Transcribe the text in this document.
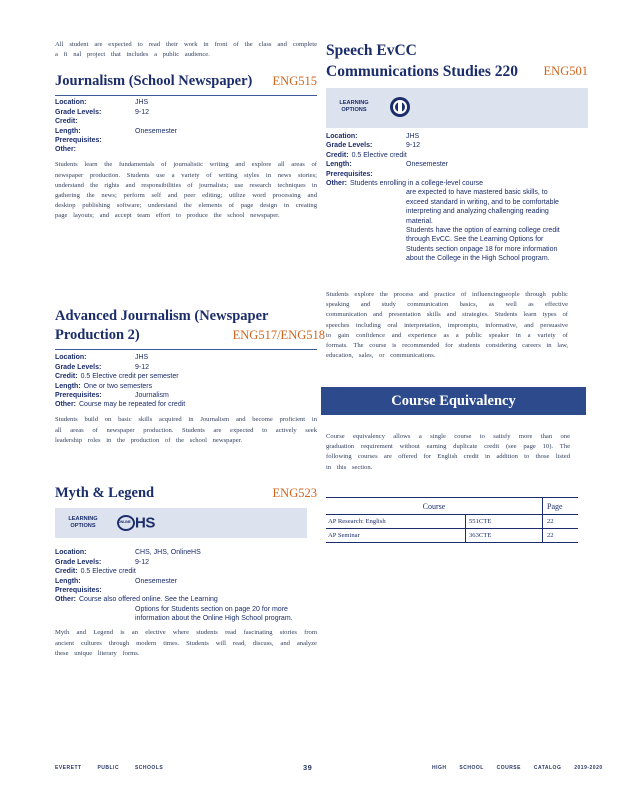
All student are expected to read their work in front of the class and complete a fi nal project that includes a public audience.

Journalism (School Newspaper) ENG515
Location:	JHS
Grade Levels:	9-12
Credit:
Length:	Onesemester
Prerequisites:
Other:

Students learn the fundamentals of journalistic writing and explore all areas of newspaper production. Students use a variety of writing styles in news stories; understand the rights and responsibilities of journalists; use research techniques in gathering the news; perform self and peer editing; utilize word processing and desktop publishing software; understand the elements of page design in creating page layouts; and accept team effort to produce the school newspaper.

Advanced Journalism (Newspaper
Production 2)	ENG517/ENG518
Location:	JHS
Grade Levels:	9-12
Credit: 0.5 Elective credit per semester
Length: One or two semesters
Prerequisites:	Journalism
Other: Course may be repeated for credit

Students build on basic skills acquired in Journalism and become proficient in all areas of newspaper production. Students are expected to actively seek leadership roles in the production of the school newspaper.

Myth & Legend	ENG523
LEARNING OPTIONS
ONLINE HS
Location:	CHS, JHS, OnlineHS
Grade Levels:	9-12
Credit: 0.5 Elective credit
Length:	Onesemester
Prerequisites:
Other: Course also offered online. See the Learning
Options for Students section on page 20 for more information about the Online High School program.

Myth and Legend is an elective where students read fascinating stories from ancient cultures through modern times. Students will read, discuss, and analyze these unique literary forms.

Speech EvCC
Communications Studies 220	ENG501
LEARNING OPTIONS
Location:	JHS
Grade Levels:	9-12
Credit: 0.5 Elective credit
Length:	Onesemester
Prerequisites:
Other: Students enrolling in a college-level course
are expected to have mastered basic skills, to exceed standard in writing, and to be comfortable interpreting and analyzing challenging reading material.
Students have the option of earning college credit through EvCC. See the Learning Options for Students section onpage 18 for more information about the College in the High School program.

Students explore the process and practice of influencingpeople through public speaking and study communication basics, as well as effective communication and presentation skills and strategies. Students learn types of speeches including oral interpretation, impromptu, informative, and persuasive to gain confidence and experience as a public speaker in a variety of formats. The course is recommended for students considering careers in law, education, sales, or communications.

Course Equivalency

Course equivalency allows a single course to satisfy more than one graduation requirement without earning duplicate credit (see page 10). The following courses are offered for English credit in addition to those listed in this section.

Course		Page
AP Research: English	551CTE	22
AP Seminar	363CTE	22
EVERETT PUBLIC SCHOOLS	39	HIGH SCHOOL COURSE CATALOG 2019-2020
